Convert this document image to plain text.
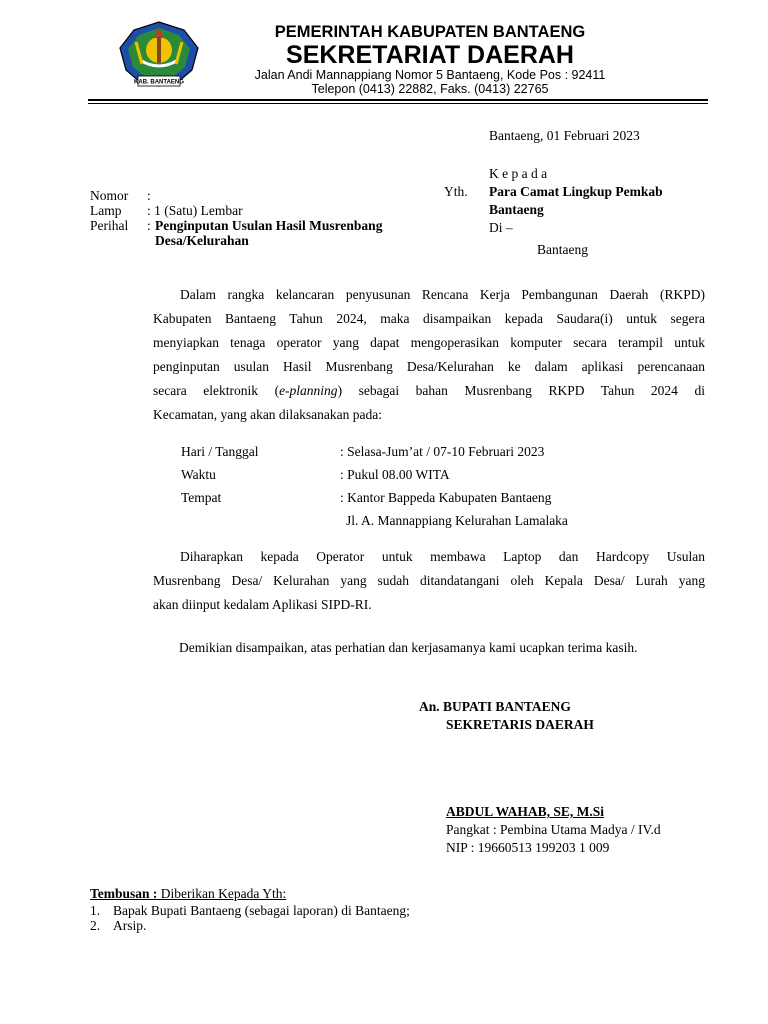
KAB. BANTAENG
PEMERINTAH KABUPATEN BANTAENG
SEKRETARIAT DAERAH
Jalan Andi Mannappiang Nomor 5 Bantaeng, Kode Pos : 92411
Telepon (0413) 22882, Faks. (0413) 22765
Bantaeng, 01 Februari 2023
K e p a d a
Yth. Para Camat Lingkup Pemkab
Bantaeng
Di –
Bantaeng
Nomor :
Lamp : 1 (Satu) Lembar
Perihal : Penginputan Usulan Hasil Musrenbang
Desa/Kelurahan
Dalam rangka kelancaran penyusunan Rencana Kerja Pembangunan Daerah (RKPD)
Kabupaten Bantaeng Tahun 2024, maka disampaikan kepada Saudara(i) untuk segera
menyiapkan tenaga operator yang dapat mengoperasikan komputer secara terampil untuk
penginputan usulan Hasil Musrenbang Desa/Kelurahan ke dalam aplikasi perencanaan
secara elektronik (e-planning) sebagai bahan Musrenbang RKPD Tahun 2024 di
Kecamatan, yang akan dilaksanakan pada:
Hari / Tanggal	: Selasa-Jum’at / 07-10 Februari 2023
Waktu	: Pukul 08.00 WITA
Tempat	: Kantor Bappeda Kabupaten Bantaeng
Jl. A. Mannappiang Kelurahan Lamalaka
Diharapkan kepada Operator untuk membawa Laptop dan Hardcopy Usulan
Musrenbang Desa/ Kelurahan yang sudah ditandatangani oleh Kepala Desa/ Lurah yang
akan diinput kedalam Aplikasi SIPD-RI.
Demikian disampaikan, atas perhatian dan kerjasamanya kami ucapkan terima kasih.
An. BUPATI BANTAENG
SEKRETARIS DAERAH
ABDUL WAHAB, SE, M.Si
Pangkat : Pembina Utama Madya / IV.d
NIP : 19660513 199203 1 009
Tembusan : Diberikan Kepada Yth:
1. Bapak Bupati Bantaeng (sebagai laporan) di Bantaeng;
2. Arsip.
